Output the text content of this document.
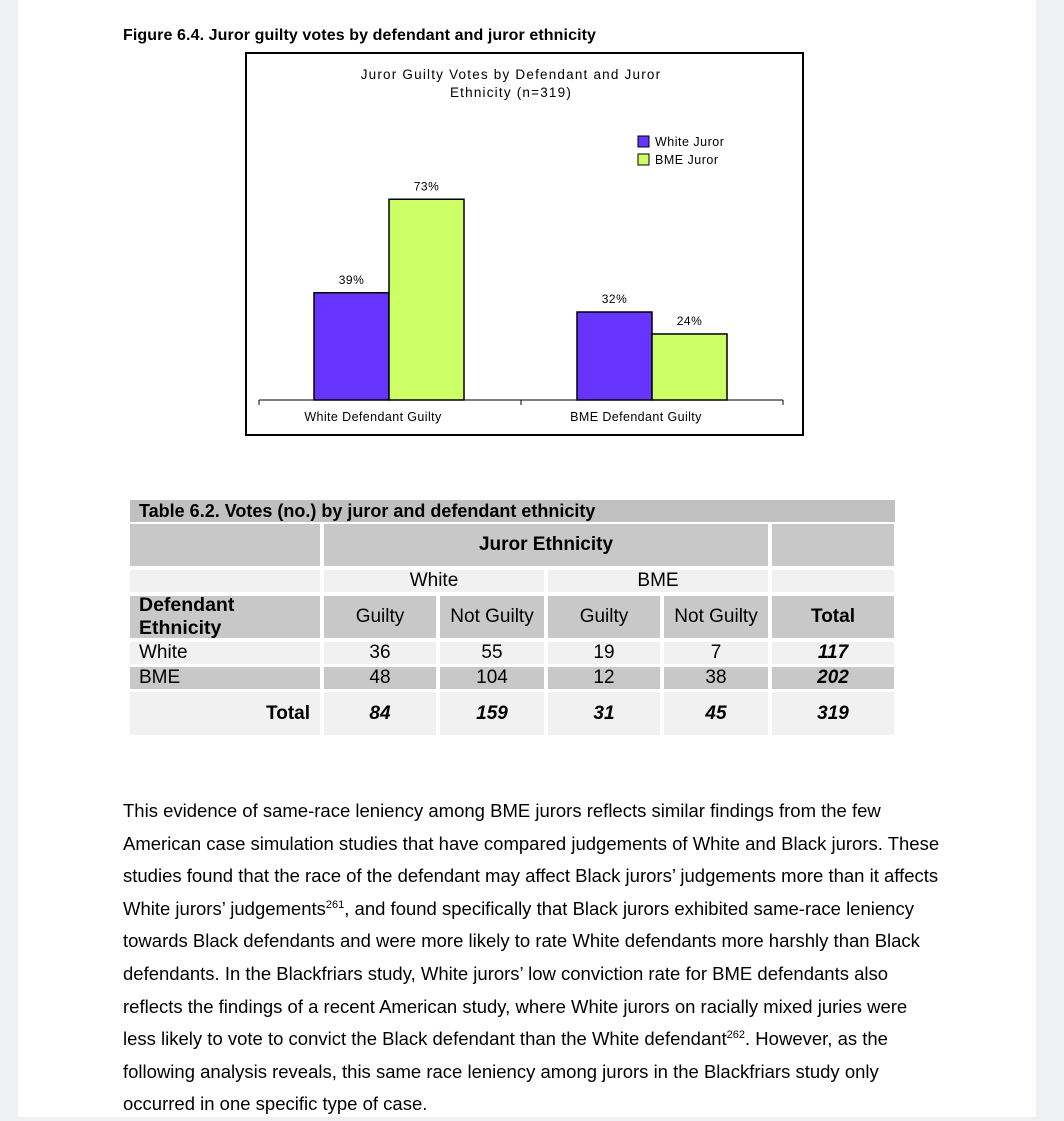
Figure 6.4. Juror guilty votes by defendant and juror ethnicity
Juror Guilty Votes by Defendant and Juror
Ethnicity (n=319)
39%
73%
32%
24%
White Defendant Guilty	BME Defendant Guilty
White Juror
BME Juror
Table 6.2. Votes (no.) by juror and defendant ethnicity
Juror Ethnicity
White	BME
Defendant Ethnicity
Guilty	Not Guilty	Guilty	Not Guilty	Total
White	36	55	19	7	117
BME	48	104	12	38	202
Total	84	159	31	45	319

This evidence of same-race leniency among BME jurors reflects similar findings from the few American case simulation studies that have compared judgements of White and Black jurors. These studies found that the race of the defendant may affect Black jurors’ judgements more than it affects White jurors’ judgements$^{261}$, and found specifically that Black jurors exhibited same-race leniency towards Black defendants and were more likely to rate White defendants more harshly than Black defendants. In the Blackfriars study, White jurors’ low conviction rate for BME defendants also reflects the findings of a recent American study, where White jurors on racially mixed juries were less likely to vote to convict the Black defendant than the White defendant$^{262}$. However, as the following analysis reveals, this same race leniency among jurors in the Blackfriars study only occurred in one specific type of case.
